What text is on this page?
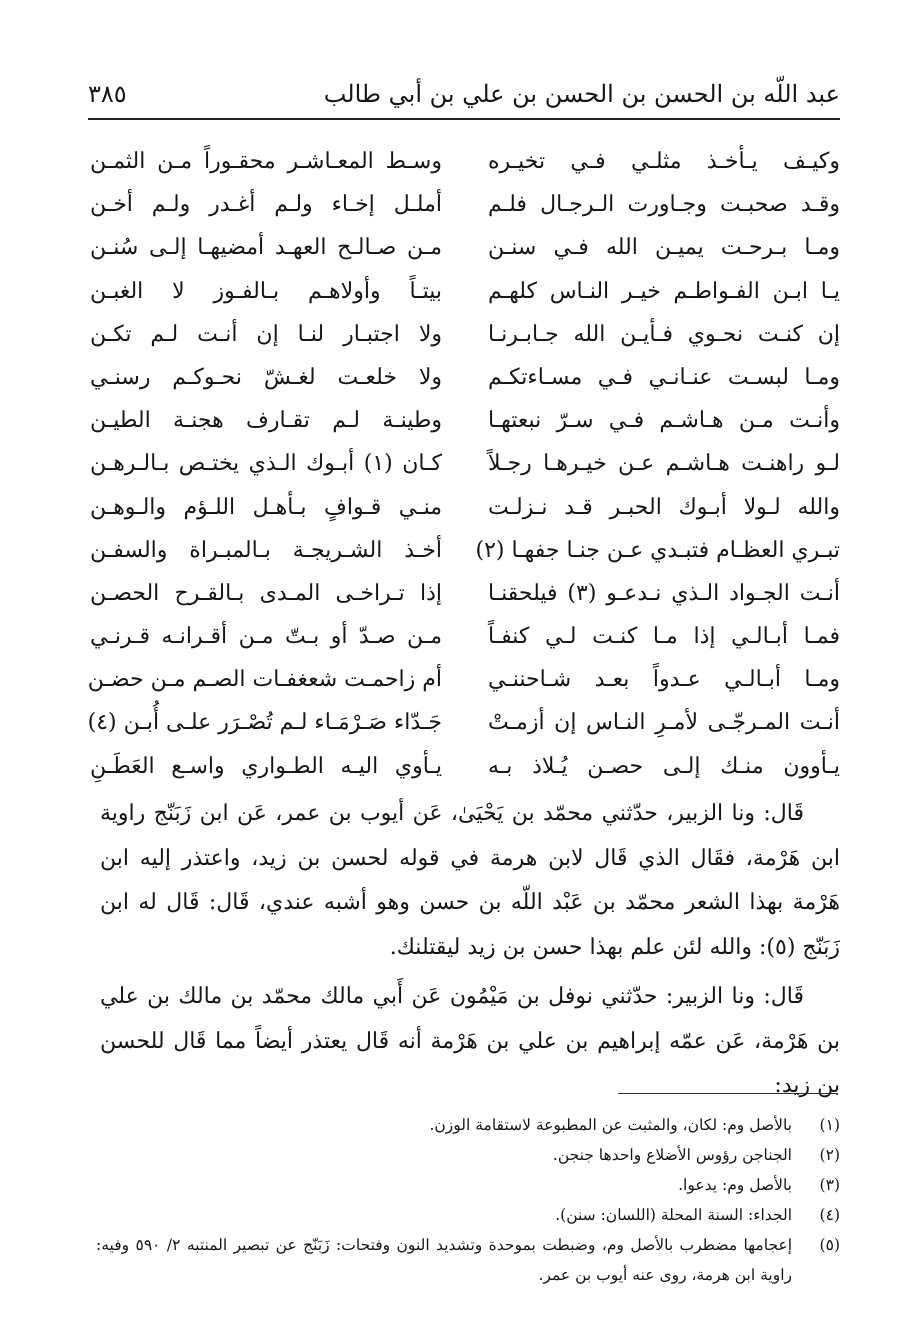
عبد اللّه بن الحسن بن الحسن بن علي بن أبي طالب
٣٨٥
وكيـف يـأخـذ مثلـي فـي تخيـره
وسـط المعـاشـر محقـوراً مـن الثمـن
وقـد صحبـت وجـاورت الـرجـال فلـم
أملـل إخـاء ولـم أغـدر ولـم أخـن
ومـا بـرحـت يميـن الله فـي سنـن
مـن صـالـح العهـد أمضيهـا إلـى سُنـن
يـا ابـن الفـواطـم خيـر النـاس كلهـم
بيتـاً وأولاهـم بـالفـوز لا الغبـن
إن كنـت نحـوي فـأيـن الله جـابـرنـا
ولا اجتبـار لنـا إن أنـت لـم تكـن
ومـا لبسـت عنـانـي فـي مسـاءتكـم
ولا خلعـت لغـشّ نحـوكـم رسنـي
وأنـت مـن هـاشـم فـي سـرّ نبعتهـا
وطينـة لـم تقـارف هجنـة الطيـن
لـو راهنـت هـاشـم عـن خيـرهـا رجـلاً
كـان (١) أبـوك الـذي يختـص بـالـرهـن
والله لـولا أبـوك الحبـر قـد نـزلـت
منـي قـوافٍ بـأهـل اللـؤم والـوهـن
تبـري العظـام فتبـدي عـن جنـا جفهـا (٢)
أخـذ الشـريجـة بـالمبـراة والسفـن
أنـت الجـواد الـذي نـدعـو (٣) فيلحقنـا
إذا تـراخـى المـدى بـالقـرح الحصـن
فمـا أبـالـي إذا مـا كنـت لـي كنفـاً
مـن صـدّ أو بـتّ مـن أقـرانـه قـرنـي
ومـا أبـالـي عـدواً بعـد شـاحننـي
أم زاحمـت شعغفـات الصـم مـن حضـن
أنـت المـرجّـى لأمـرِ النـاس إن أزمـتْ
جَـدّاء صَـرْمَـاء لـم تُصْـرَر علـى أُبـن (٤)
يـأوون منـك إلـى حصـن يُـلاذ بـه
يـأوي اليـه الطـواري واسـع العَطَـنِ

قَال: ونا الزبير، حدّثني محمّد بن يَحْيَىٰ، عَن أيوب بن عمر، عَن ابن زَبَنّج راوية ابن هَرْمة، فقَال الذي قَال لابن هرمة في قوله لحسن بن زيد، واعتذر إليه ابن هَرْمة بهذا الشعر محمّد بن عَبْد اللّه بن حسن وهو أشبه عندي، قَال: قَال له ابن زَبَنّج (٥): والله لئن علم بهذا حسن بن زيد ليقتلنك.

قَال: ونا الزبير: حدّثني نوفل بن مَيْمُون عَن أَبي مالك محمّد بن مالك بن علي بن هَرْمة، عَن عمّه إبراهيم بن علي بن هَرْمة أنه قَال يعتذر أيضاً مما قَال للحسن بن زيد:

(١)
بالأصل وم: لكان، والمثبت عن المطبوعة لاستقامة الوزن.
(٢)
الجناجن رؤوس الأضلاع واحدها جنجن.
(٣)
بالأصل وم: يدعوا.
(٤)
الجداء: السنة المحلة (اللسان: سنن).
(٥)
إعجامها مضطرب بالأصل وم، وضبطت بموحدة وتشديد النون وفتحات: زَبَنّج عن تبصير المنتبه ٢/ ٥٩٠ وفيه: راوية ابن هرمة، روى عنه أيوب بن عمر.
